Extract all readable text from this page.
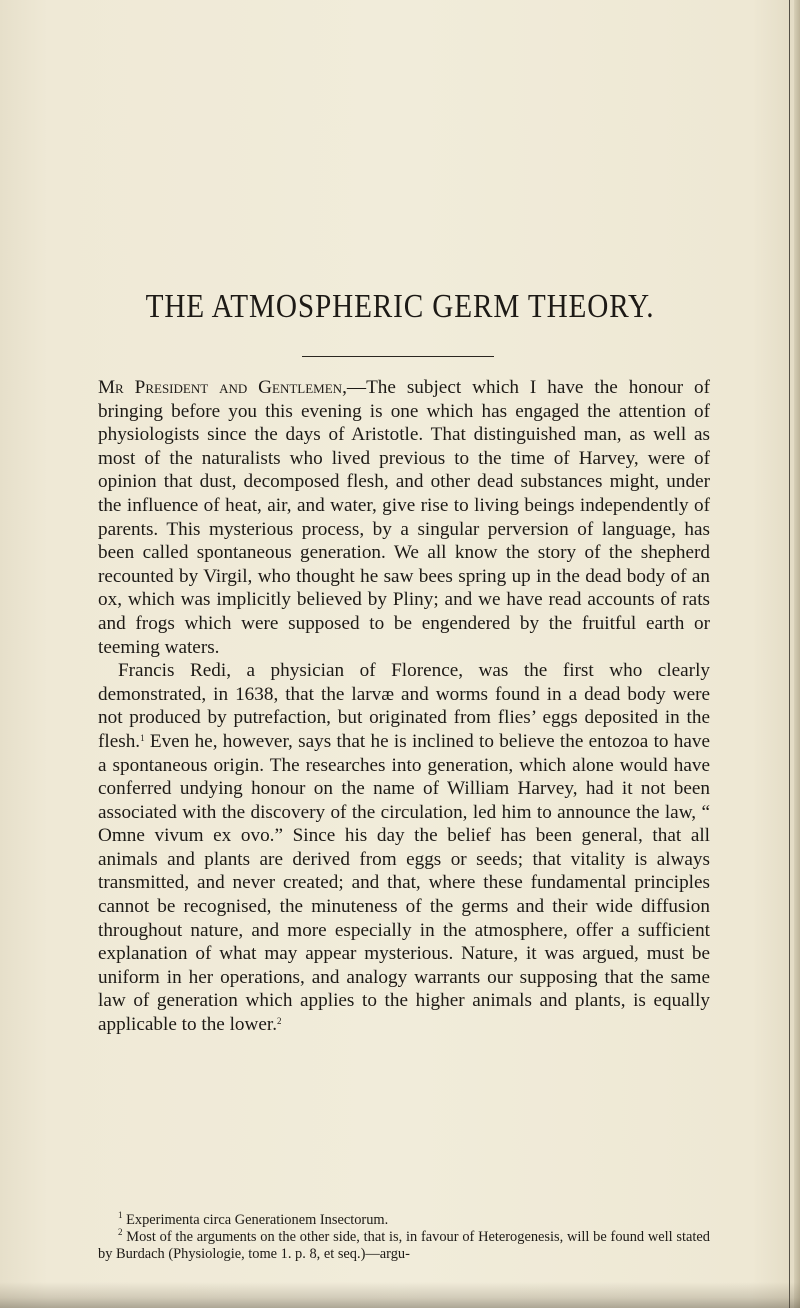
THE ATMOSPHERIC GERM THEORY.

Mr President and Gentlemen,—The subject which I have the honour of bringing before you this evening is one which has engaged the attention of physiologists since the days of Aristotle. That distinguished man, as well as most of the naturalists who lived previous to the time of Harvey, were of opinion that dust, decomposed flesh, and other dead substances might, under the influence of heat, air, and water, give rise to living beings independently of parents. This mysterious process, by a singular perversion of language, has been called spontaneous generation. We all know the story of the shepherd recounted by Virgil, who thought he saw bees spring up in the dead body of an ox, which was implicitly believed by Pliny; and we have read accounts of rats and frogs which were supposed to be engendered by the fruitful earth or teeming waters.

Francis Redi, a physician of Florence, was the first who clearly demonstrated, in 1638, that the larvæ and worms found in a dead body were not produced by putrefaction, but originated from flies’ eggs deposited in the flesh.$^1$ Even he, however, says that he is inclined to believe the entozoa to have a spontaneous origin. The researches into generation, which alone would have conferred undying honour on the name of William Harvey, had it not been associated with the discovery of the circulation, led him to announce the law, “ Omne vivum ex ovo.” Since his day the belief has been general, that all animals and plants are derived from eggs or seeds; that vitality is always transmitted, and never created; and that, where these fundamental principles cannot be recognised, the minuteness of the germs and their wide diffusion throughout nature, and more especially in the atmosphere, offer a sufficient explanation of what may appear mysterious. Nature, it was argued, must be uniform in her operations, and analogy warrants our supposing that the same law of generation which applies to the higher animals and plants, is equally applicable to the lower.$^2$

$^1$ Experimenta circa Generationem Insectorum.

$^2$ Most of the arguments on the other side, that is, in favour of Heterogenesis, will be found well stated by Burdach (Physiologie, tome 1. p. 8, et seq.)—argu-
